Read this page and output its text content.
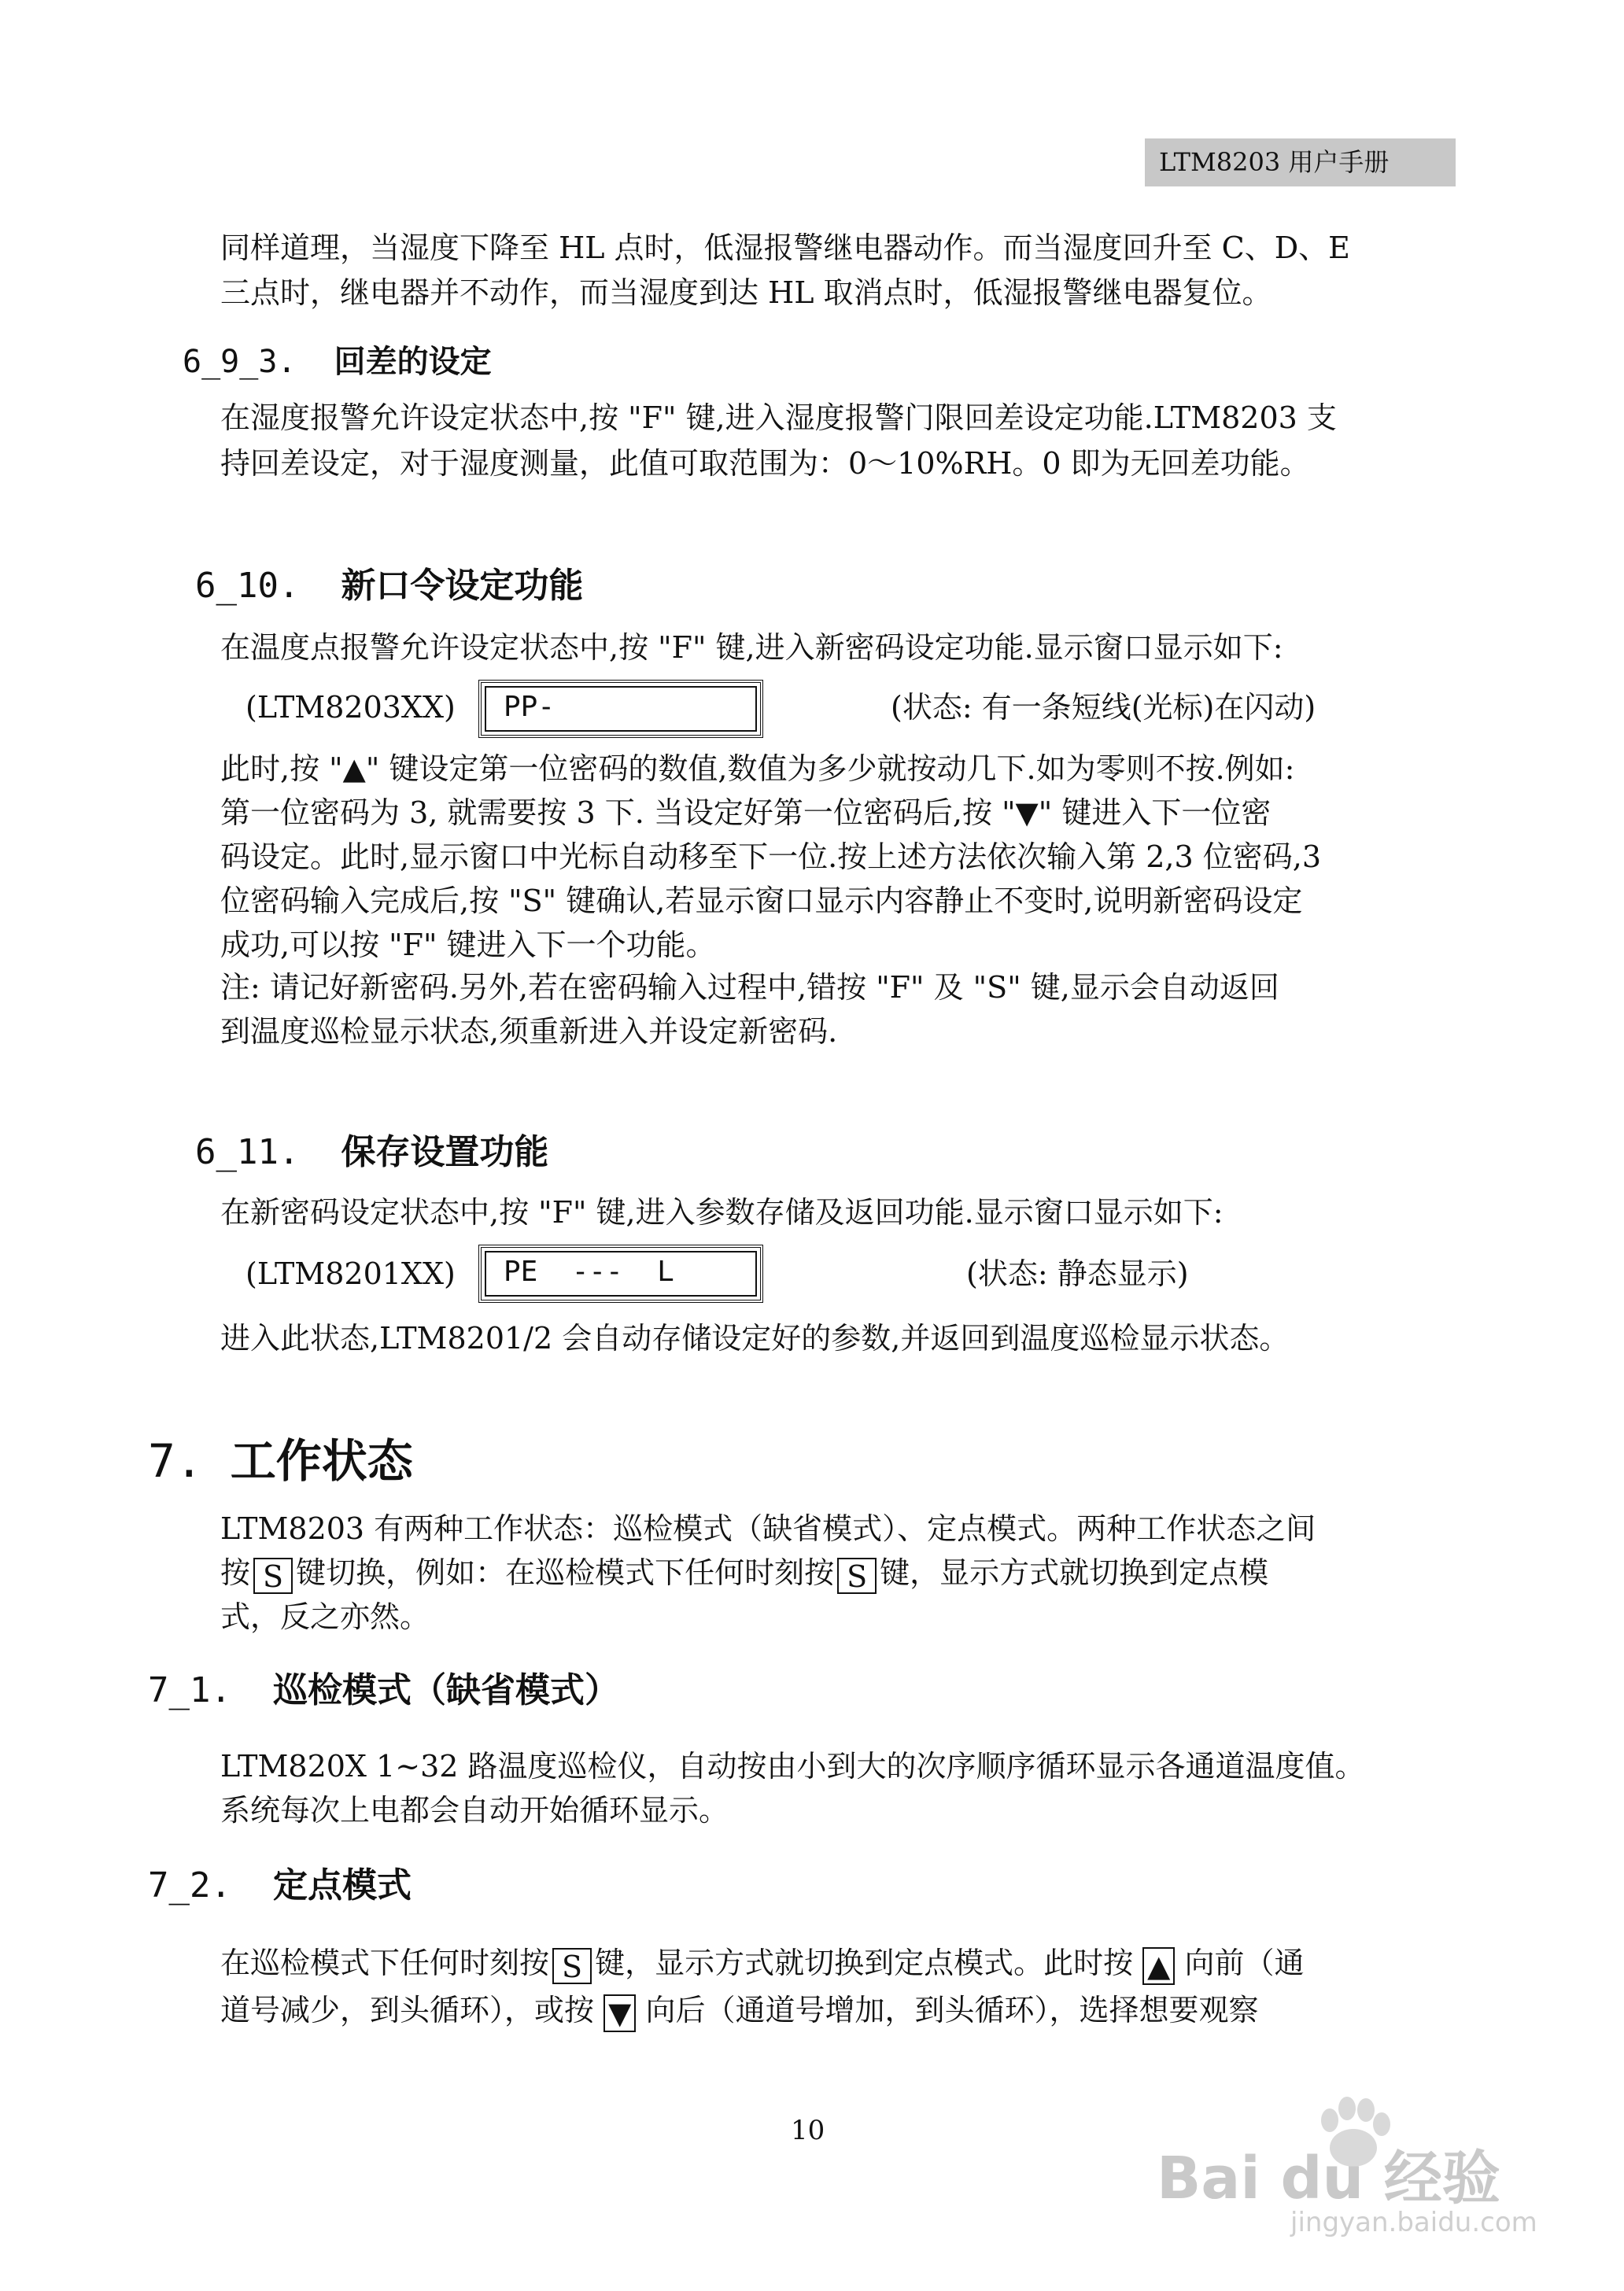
LTM8203 用户手册
同样道理，当湿度下降至 HL 点时，低湿报警继电器动作。而当湿度回升至 C、D、E
三点时，继电器并不动作，而当湿度到达 HL 取消点时，低湿报警继电器复位。
6_9_3. 回差的设定
在湿度报警允许设定状态中,按 "F" 键,进入湿度报警门限回差设定功能.LTM8203 支
持回差设定，对于湿度测量，此值可取范围为：0～10%RH。0 即为无回差功能。
6_10. 新口令设定功能
在温度点报警允许设定状态中,按 "F" 键,进入新密码设定功能.显示窗口显示如下:
(LTM8203XX)	PP-	(状态: 有一条短线(光标)在闪动)
此时,按 "▲" 键设定第一位密码的数值,数值为多少就按动几下.如为零则不按.例如:
第一位密码为 3, 就需要按 3 下. 当设定好第一位密码后,按 "▼" 键进入下一位密
码设定。此时,显示窗口中光标自动移至下一位.按上述方法依次输入第 2,3 位密码,3
位密码输入完成后,按 "S" 键确认,若显示窗口显示内容静止不变时,说明新密码设定
成功,可以按 "F" 键进入下一个功能。
注: 请记好新密码.另外,若在密码输入过程中,错按 "F" 及 "S" 键,显示会自动返回
到温度巡检显示状态,须重新进入并设定新密码.
6_11. 保存设置功能
在新密码设定状态中,按 "F" 键,进入参数存储及返回功能.显示窗口显示如下:
(LTM8201XX)	PE  ---  L	(状态: 静态显示)
进入此状态,LTM8201/2 会自动存储设定好的参数,并返回到温度巡检显示状态。
7. 工作状态
LTM8203 有两种工作状态：巡检模式（缺省模式）、定点模式。两种工作状态之间
按 S 键切换，例如：在巡检模式下任何时刻按 S 键，显示方式就切换到定点模
式，反之亦然。
7_1. 巡检模式（缺省模式）
LTM820X 1~32 路温度巡检仪，自动按由小到大的次序顺序循环显示各通道温度值。
系统每次上电都会自动开始循环显示。
7_2. 定点模式
在巡检模式下任何时刻按 S 键，显示方式就切换到定点模式。此时按 ▲ 向前（通
道号减少，到头循环），或按 ▼ 向后（通道号增加，到头循环），选择想要观察
10
Bai du 经验
jingyan.baidu.com
